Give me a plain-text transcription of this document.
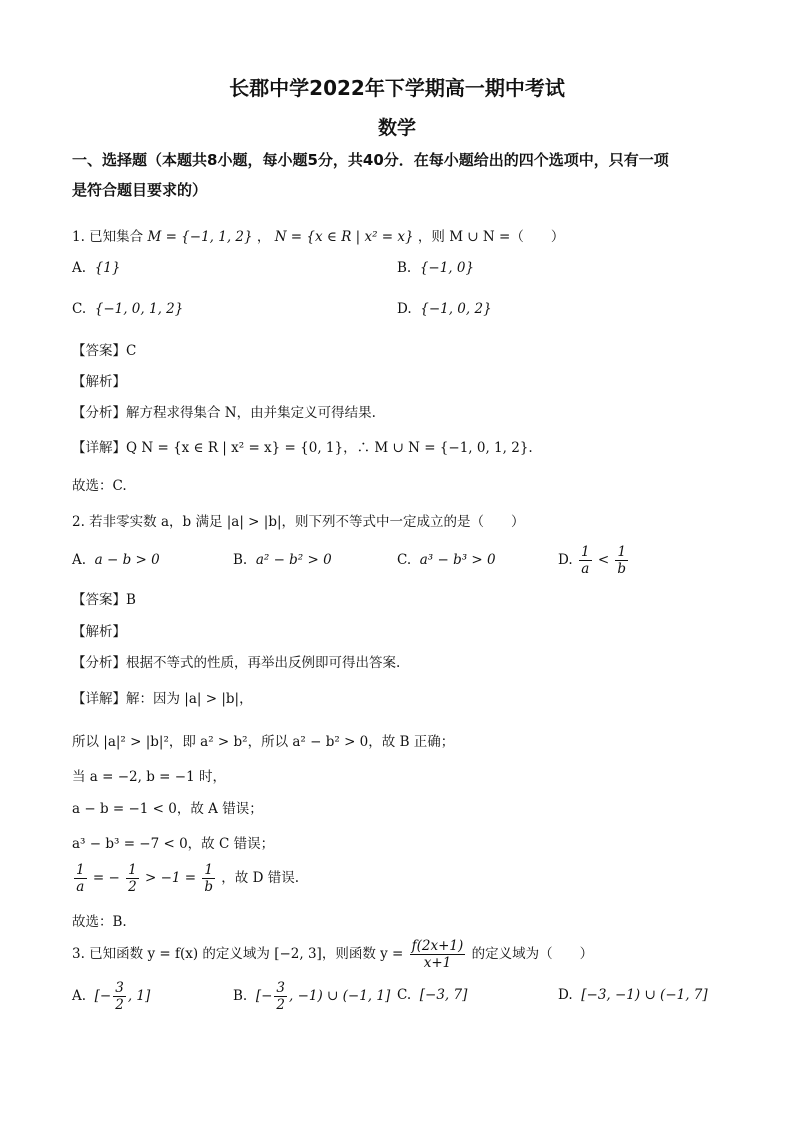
长郡中学2022年下学期高一期中考试
数学
一、选择题（本题共8小题，每小题5分，共40分．在每小题给出的四个选项中，只有一项
是符合题目要求的）
1. 已知集合 M = {−1, 1, 2} ， N = {x ∈ R | x² = x} ，则 M ∪ N =（　　）
A. {1}	B. {−1, 0}
C. {−1, 0, 1, 2}	D. {−1, 0, 2}
【答案】C
【解析】
【分析】解方程求得集合 N，由并集定义可得结果.
【详解】Q N = {x ∈ R | x² = x} = {0, 1}，∴ M ∪ N = {−1, 0, 1, 2}.
故选：C.
2. 若非零实数 a，b 满足 |a| > |b|，则下列不等式中一定成立的是（　　）
A. a − b > 0	B. a² − b² > 0	C. a³ − b³ > 0	D. $\frac{1}{a} < \frac{1}{b}$
【答案】B
【解析】
【分析】根据不等式的性质，再举出反例即可得出答案.
【详解】解：因为 |a| > |b|，
所以 |a|² > |b|²，即 a² > b²，所以 a² − b² > 0，故 B 正确；
当 a = −2, b = −1 时，
a − b = −1 < 0，故 A 错误；
a³ − b³ = −7 < 0，故 C 错误；
$\frac{1}{a}$ = − $\frac{1}{2} > -1 = \frac{1}{b}$ ，故 D 错误.
故选：B.
3. 已知函数 y = f(x) 的定义域为 [−2, 3]，则函数 $y = \frac{f(2x+1)}{x+1}$ 的定义域为（　　）
A. [− $\frac{3}{2}$ , 1]	B. [− $\frac{3}{2}$ , −1) ∪ (−1, 1] C. [−3, 7]	D. [−3, −1) ∪ (−1, 7]
